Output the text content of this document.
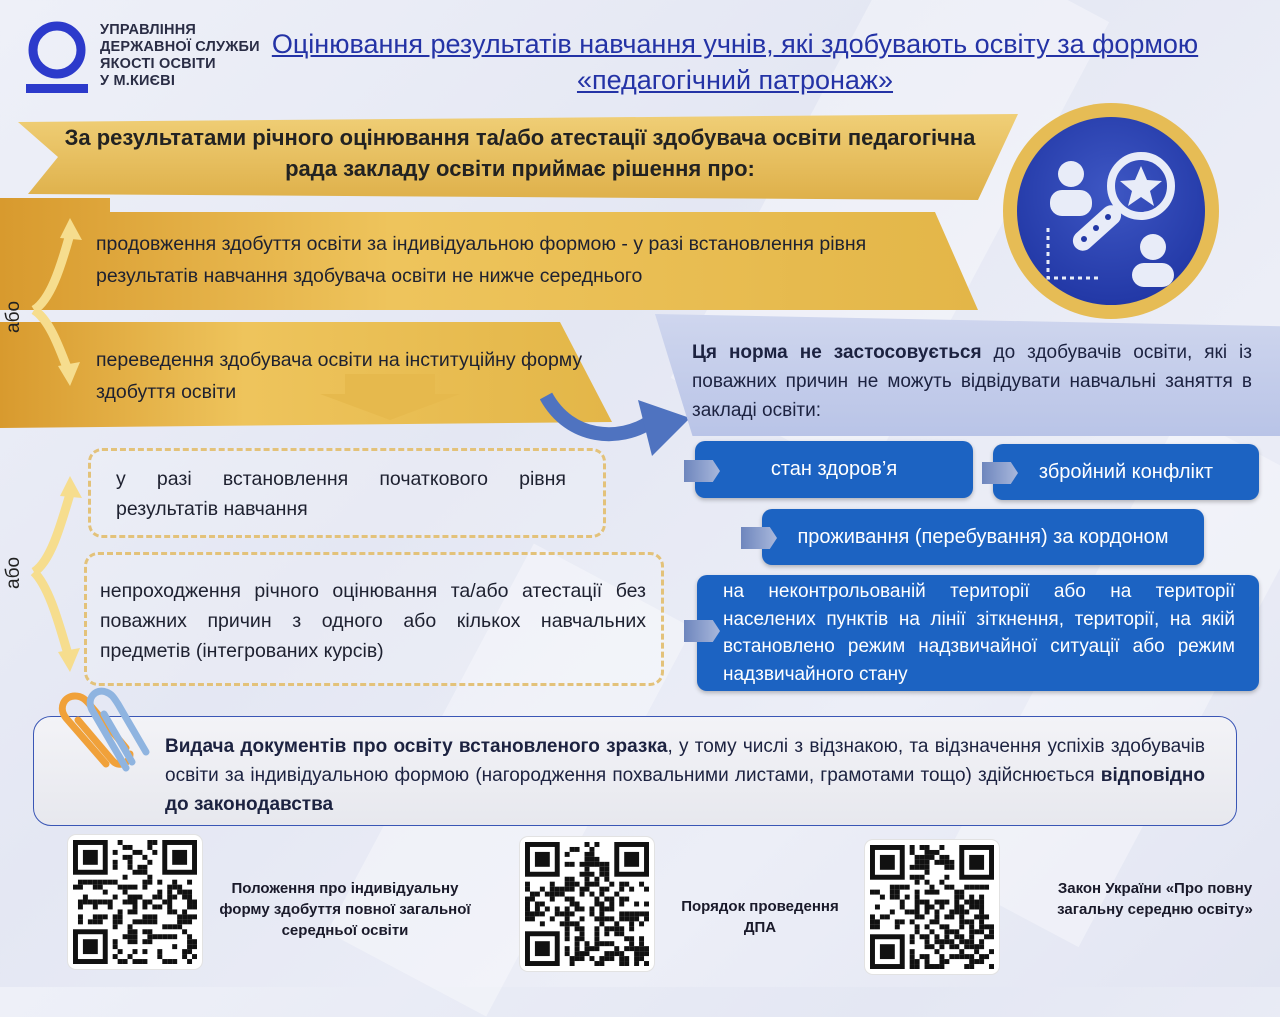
УПРАВЛІННЯ
ДЕРЖАВНОЇ СЛУЖБИ
ЯКОСТІ ОСВІТИ
У М.КИЄВІ
Оцінювання результатів навчання учнів, які здобувають освіту за формою «педагогічний патронаж»
За результатами річного оцінювання та/або атестації здобувача освіти педагогічна рада закладу освіти приймає рішення про:
або
продовження здобуття освіти за індивідуальною формою - у разі встановлення рівня результатів навчання здобувача освіти не нижче середнього
переведення здобувача освіти на інституційну форму здобуття освіти
або
у разі встановлення початкового рівня результатів навчання
непроходження річного оцінювання та/або атестації без поважних причин з одного або кількох навчальних предметів (інтегрованих курсів)
Ця норма не застосовується до здобувачів освіти, які із поважних причин не можуть відвідувати навчальні заняття в закладі освіти:
стан здоров’я	збройний конфлікт
проживання (перебування) за кордоном
на неконтрольованій території або на території населених пунктів на лінії зіткнення, території, на якій встановлено режим надзвичайної ситуації або режим надзвичайного стану
Видача документів про освіту встановленого зразка, у тому числі з відзнакою, та відзначення успіхів здобувачів освіти за індивідуальною формою (нагородження похвальними листами, грамотами тощо) здійснюється відповідно до законодавства
Положення про індивідуальну форму здобуття повної загальної середньої освіти
Порядок проведення ДПА
Закон України «Про повну загальну середню освіту»
